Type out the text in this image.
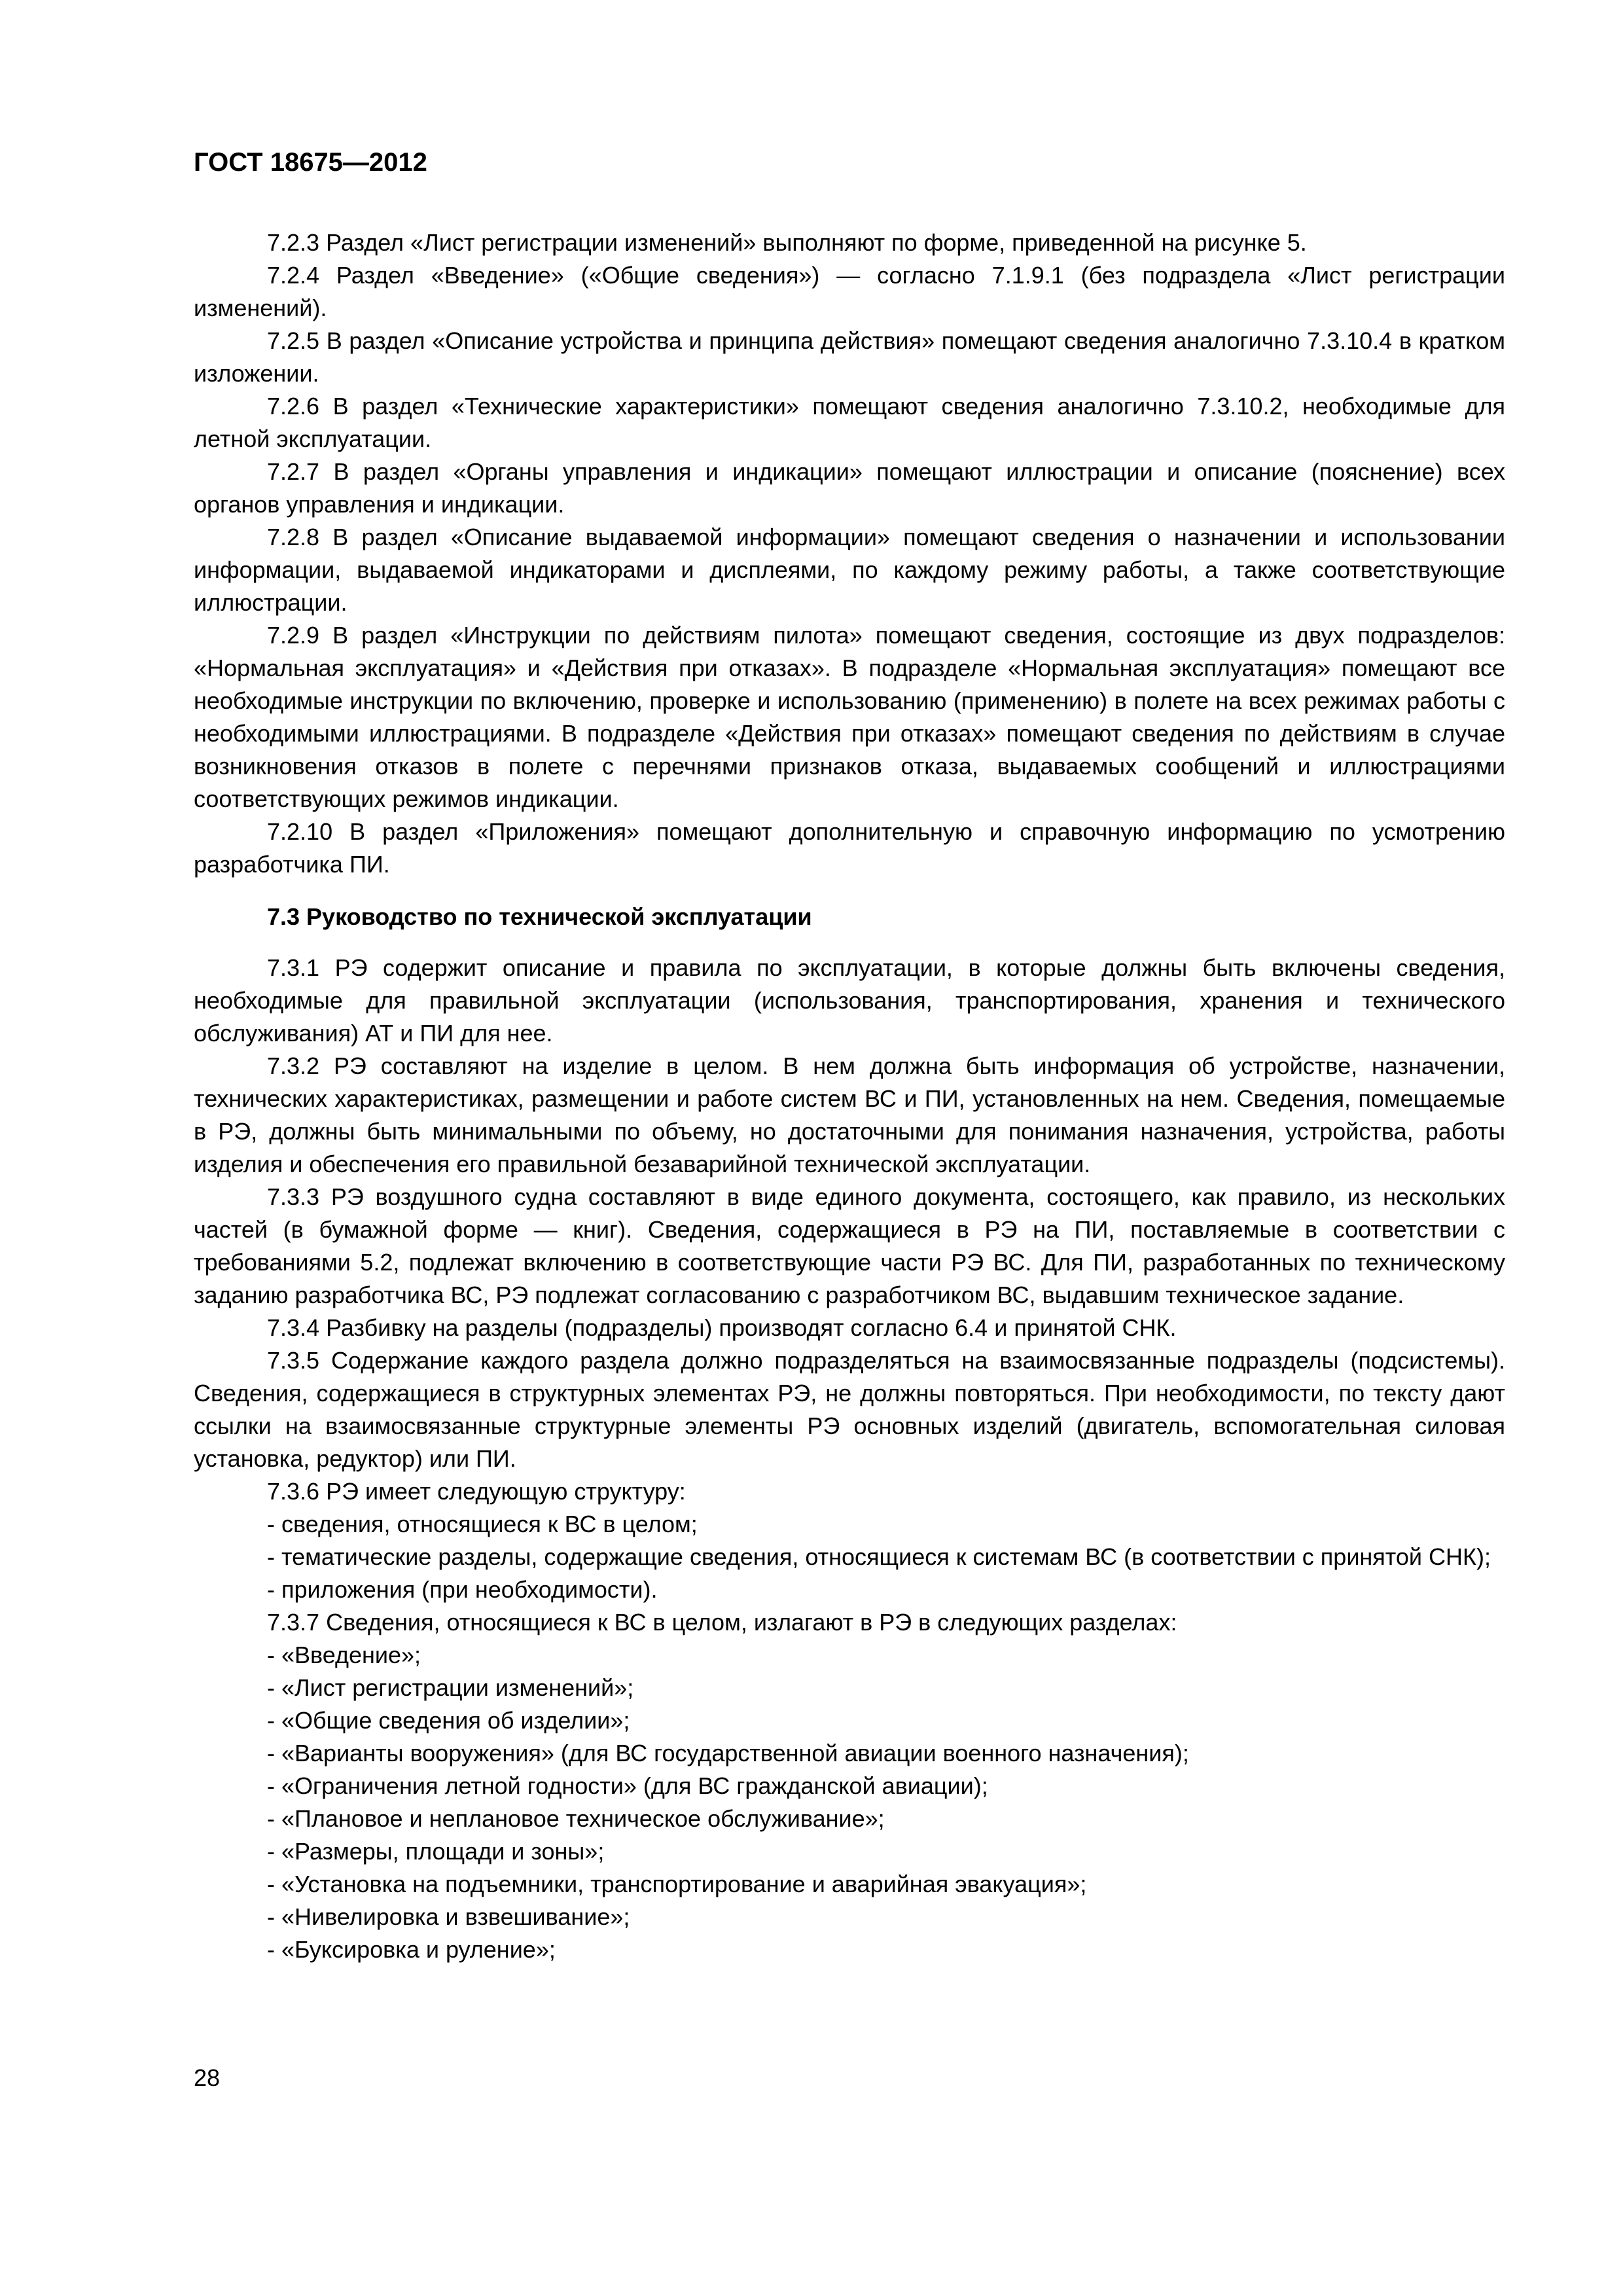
ГОСТ 18675—2012

7.2.3 Раздел «Лист регистрации изменений» выполняют по форме, приведенной на рисунке 5.

7.2.4 Раздел «Введение» («Общие сведения») — согласно 7.1.9.1 (без подраздела «Лист регистрации изменений).

7.2.5 В раздел «Описание устройства и принципа действия» помещают сведения аналогично 7.3.10.4 в кратком изложении.

7.2.6 В раздел «Технические характеристики» помещают сведения аналогично 7.3.10.2, необходимые для летной эксплуатации.

7.2.7 В раздел «Органы управления и индикации» помещают иллюстрации и описание (пояснение) всех органов управления и индикации.

7.2.8 В раздел «Описание выдаваемой информации» помещают сведения о назначении и использовании информации, выдаваемой индикаторами и дисплеями, по каждому режиму работы, а также соответствующие иллюстрации.

7.2.9 В раздел «Инструкции по действиям пилота» помещают сведения, состоящие из двух подразделов: «Нормальная эксплуатация» и «Действия при отказах». В подразделе «Нормальная эксплуатация» помещают все необходимые инструкции по включению, проверке и использованию (применению) в полете на всех режимах работы с необходимыми иллюстрациями. В подразделе «Действия при отказах» помещают сведения по действиям в случае возникновения отказов в полете с перечнями признаков отказа, выдаваемых сообщений и иллюстрациями соответствующих режимов индикации.

7.2.10 В раздел «Приложения» помещают дополнительную и справочную информацию по усмотрению разработчика ПИ.

7.3 Руководство по технической эксплуатации

7.3.1 РЭ содержит описание и правила по эксплуатации, в которые должны быть включены сведения, необходимые для правильной эксплуатации (использования, транспортирования, хранения и технического обслуживания) АТ и ПИ для нее.

7.3.2 РЭ составляют на изделие в целом. В нем должна быть информация об устройстве, назначении, технических характеристиках, размещении и работе систем ВС и ПИ, установленных на нем. Сведения, помещаемые в РЭ, должны быть минимальными по объему, но достаточными для понимания назначения, устройства, работы изделия и обеспечения его правильной безаварийной технической эксплуатации.

7.3.3 РЭ воздушного судна составляют в виде единого документа, состоящего, как правило, из нескольких частей (в бумажной форме — книг). Сведения, содержащиеся в РЭ на ПИ, поставляемые в соответствии с требованиями 5.2, подлежат включению в соответствующие части РЭ ВС. Для ПИ, разработанных по техническому заданию разработчика ВС, РЭ подлежат согласованию с разработчиком ВС, выдавшим техническое задание.

7.3.4 Разбивку на разделы (подразделы) производят согласно 6.4 и принятой СНК.

7.3.5 Содержание каждого раздела должно подразделяться на взаимосвязанные подразделы (подсистемы). Сведения, содержащиеся в структурных элементах РЭ, не должны повторяться. При необходимости, по тексту дают ссылки на взаимосвязанные структурные элементы РЭ основных изделий (двигатель, вспомогательная силовая установка, редуктор) или ПИ.

7.3.6 РЭ имеет следующую структуру:

- сведения, относящиеся к ВС в целом;

- тематические разделы, содержащие сведения, относящиеся к системам ВС (в соответствии с принятой СНК);

- приложения (при необходимости).

7.3.7 Сведения, относящиеся к ВС в целом, излагают в РЭ в следующих разделах:

- «Введение»;

- «Лист регистрации изменений»;

- «Общие сведения об изделии»;

- «Варианты вооружения» (для ВС государственной авиации военного назначения);

- «Ограничения летной годности» (для ВС гражданской авиации);

- «Плановое и неплановое техническое обслуживание»;

- «Размеры, площади и зоны»;

- «Установка на подъемники, транспортирование и аварийная эвакуация»;

- «Нивелировка и взвешивание»;

- «Буксировка и руление»;

28
